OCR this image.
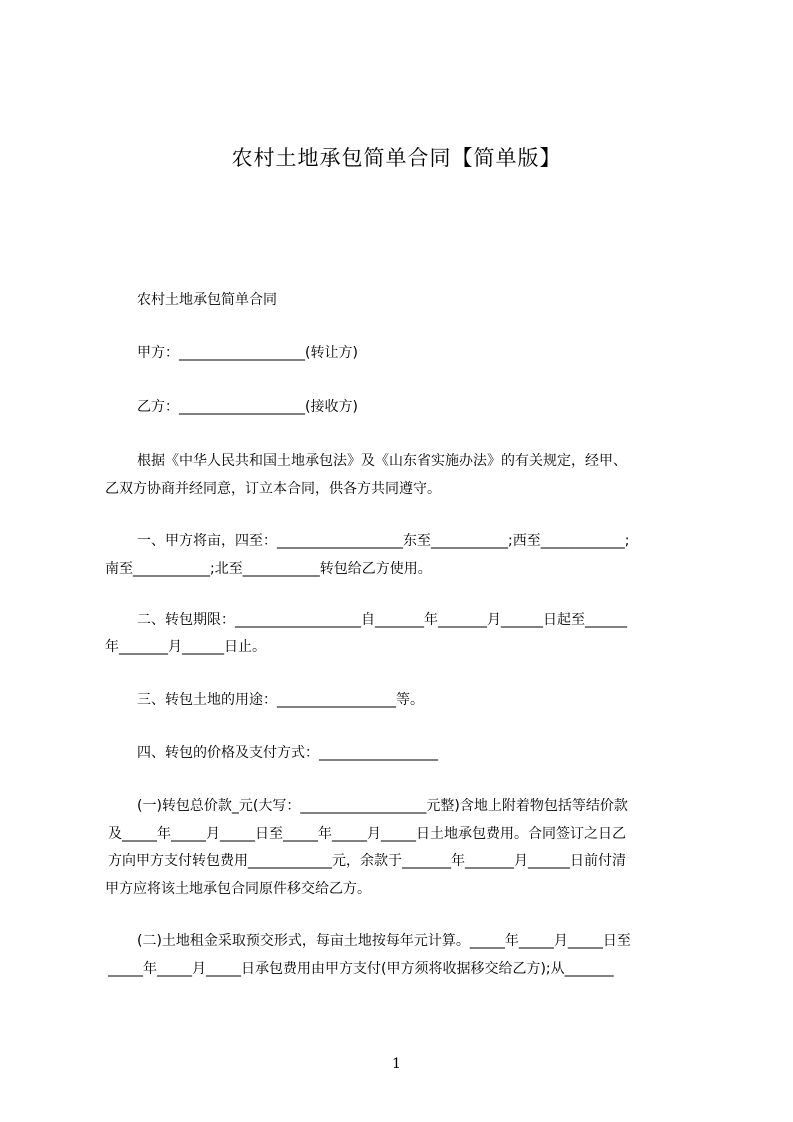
农村土地承包简单合同【简单版】
农村土地承包简单合同
甲方：__________________(转让方)
乙方：__________________(接收方)
根据《中华人民共和国土地承包法》及《山东省实施办法》的有关规定，经甲、
乙双方协商并经同意，订立本合同，供各方共同遵守。
一、甲方将亩，四至：__________________东至___________;西至____________;
南至___________;北至___________转包给乙方使用。
二、转包期限：__________________自_______年_______月______日起至______
年_______月______日止。
三、转包土地的用途：_________________等。
四、转包的价格及支付方式：_________________
(一)转包总价款_元(大写：__________________元整)含地上附着物包括等结价款
及_____年_____月_____日至_____年_____月_____日土地承包费用。合同签订之日乙
方向甲方支付转包费用____________元，余款于_______年_______月______日前付清
甲方应将该土地承包合同原件移交给乙方。
(二)土地租金采取预交形式，每亩土地按每年元计算。_____年_____月_____日至
_____年_____月_____日承包费用由甲方支付(甲方须将收据移交给乙方);从_______
1
